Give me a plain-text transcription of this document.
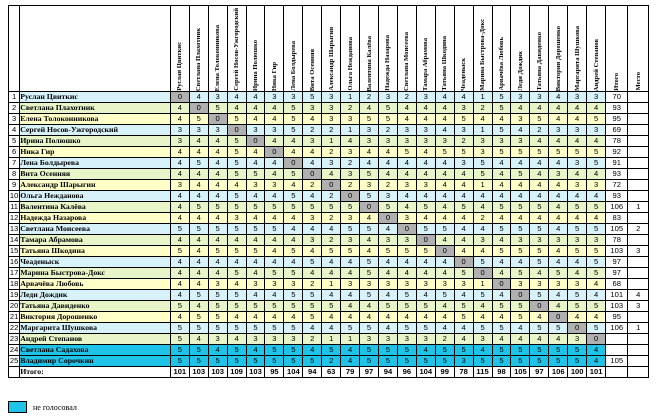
		Руслан Цвиткис	Светлана Плахотник	Елена Толоконникова	Сергей Носов-Ужгородский	Ирина Полюшко	Ника Гир	Лена Болдырева	Вита Осенняя	Александр Шарыгин	Ольга Нежданова	Валентина Калёва	Надежда Назарова	Светлана Моисеева	Тамара Абрамова	Татьяна Шкодина	Чеаденыск	Марина Быстрова-Докс	Арвачёва Любовь	Леди Дождик	Татьяна Давиденко	Виктория Дорошенко	Маргарита Шушкова	Андрей Степанов	Итого	Место

1	Руслан Цвиткис	0	4	3	4	4	3	3	5	3	1	2	3	2	3	4	4	1	5	3	3	4	3	3	70	
2	Светлана Плахотник	4	0	5	4	4	4	5	3	3	2	4	5	4	4	4	3	2	5	4	4	4	4	4	93	
3	Елена Толоконникова	4	5	0	5	4	4	5	4	3	3	5	5	4	4	4	5	4	4	3	5	4	4	5	95	
4	Сергей Носов-Ужгородский	3	3	3	0	3	3	5	2	2	1	3	2	3	3	4	3	1	5	4	2	3	3	3	69	
5	Ирина Полюшко	3	4	4	5	0	4	4	3	1	4	3	3	3	3	3	2	3	3	3	4	4	4	4	78	
6	Ника Гир	4	4	4	5	4	0	4	4	2	3	4	4	5	4	5	5	3	5	5	5	5	5	5	92	
7	Лена Болдырева	4	5	4	5	4	4	0	4	3	2	4	4	4	4	4	3	5	4	4	4	4	3	5	91	
8	Вита Осенняя	4	4	4	5	5	4	5	0	4	3	5	4	4	4	4	4	5	4	5	4	3	4	4	93	
9	Александр Шарыгин	3	4	4	4	3	3	4	2	0	2	3	2	3	3	4	4	1	4	4	4	4	3	3	72	
10	Ольга Нежданова	4	4	4	5	4	4	5	4	2	0	5	3	4	4	4	4	4	4	4	4	4	4	4	93	
11	Валентина Калёва	4	5	5	5	5	5	5	5	5	5	0	5	4	5	4	5	4	5	5	5	4	5	5	106	1
12	Надежда Назарова	4	4	4	3	4	4	4	3	2	3	4	0	3	4	4	4	2	4	4	4	4	4	4	83	
13	Светлана Моисеева	5	5	5	5	5	5	4	4	4	5	5	4	0	5	5	4	4	5	5	5	4	5	5	105	2
14	Тамара Абрамова	4	4	4	4	4	4	4	3	2	3	4	3	3	0	4	4	3	4	3	3	3	3	3	78	
15	Татьяна Шкодина	5	4	5	5	5	4	5	4	5	5	4	5	5	5	0	4	4	5	5	5	4	5	5	103	3
16	Чеаденыск	4	4	4	4	4	4	4	5	4	4	5	4	4	4	4	0	5	4	4	5	4	4	5	97	
17	Марина Быстрова-Докс	4	4	4	5	4	5	5	4	4	4	5	4	4	4	4	5	0	4	5	4	5	4	5	97	
18	Арвачёва Любовь	4	4	3	4	3	3	3	2	1	3	3	3	3	3	3	3	1	0	3	3	3	3	4	68	
19	Леди Дождик	4	5	5	5	4	4	5	5	4	4	5	4	5	4	5	4	5	4	0	5	4	5	4	101	4
20	Татьяна Давиденко	5	4	5	5	5	5	5	5	5	4	4	5	5	5	4	5	4	5	5	0	4	5	5	103	3
21	Виктория Дорошенко	4	5	5	4	4	4	4	5	4	4	4	4	4	4	4	5	4	4	5	4	0	4	4	95	
22	Маргарита Шушкова	5	5	5	5	5	5	5	4	4	5	5	4	5	5	4	4	5	5	4	5	5	0	5	106	1
23	Андрей Степанов	5	4	3	4	3	3	3	2	1	1	3	3	3	3	2	4	3	4	4	4	4	3	0		
24	Светлана Садахова	5	5	4	5	4	5	5	4	5	4	5	5	5	4	5	5	4	5	5	5	5	5	4		
25	Владимир Сорочкин	5	5	5	5	5	5	5	5	2	4	5	5	5	5	5	3	5	5	5	5	5	5	4	105	
	Итого:	101	103	103	109	103	95	104	94	63	79	97	94	96	104	99	78	115	98	105	97	106	100	101		
не голосовал
